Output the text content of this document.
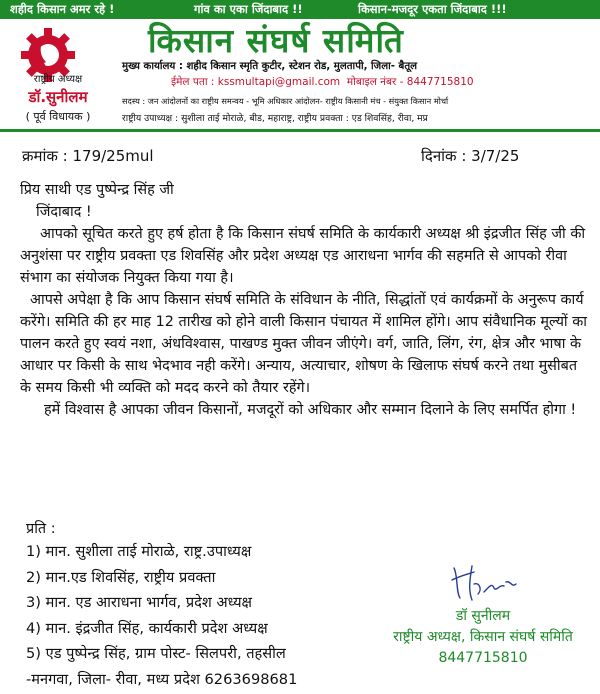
शहीद किसान अमर रहे !	गांव का एका जिंदाबाद !!	किसान-मजदूर एकता जिंदाबाद !!!
राष्ट्रीय अध्यक्ष
डॉ.सुनीलम
( पूर्व विधायक )
किसान संघर्ष समिति
मुख्य कार्यालय : शहीद किसान स्मृति कुटीर, स्टेशन रोड, मुलतापी, जिला- बैतूल
ईमेल पता : kssmultapi@gmail.com मोबाइल नंबर - 8447715810
सदस्य : जन आंदोलनों का राष्ट्रीय समन्वय - भूमि अधिकार आंदोलन- राष्ट्रीय किसानी मंच - संयुक्त किसान मोर्चा
राष्ट्रीय उपाध्यक्ष : सुशीला ताई मोराळे, बीड, महाराष्ट्र, राष्ट्रीय प्रवक्ता : एड शिवसिंह, रीवा, मप्र
क्रमांक : 179/25mul	दिनांक : 3/7/25

प्रिय साथी एड पुष्पेन्द्र सिंह जी

जिंदाबाद !

आपको सूचित करते हुए हर्ष होता है कि किसान संघर्ष समिति के कार्यकारी अध्यक्ष श्री इंद्रजीत सिंह जी की अनुशंसा पर राष्ट्रीय प्रवक्ता एड शिवसिंह और प्रदेश अध्यक्ष एड आराधना भार्गव की सहमति से आपको रीवा संभाग का संयोजक नियुक्त किया गया है।

आपसे अपेक्षा है कि आप किसान संघर्ष समिति के संविधान के नीति, सिद्धांतों एवं कार्यक्रमों के अनुरूप कार्य करेंगे। समिति की हर माह 12 तारीख को होने वाली किसान पंचायत में शामिल होंगे। आप संवैधानिक मूल्यों का पालन करते हुए स्वयं नशा, अंधविश्वास, पाखण्ड मुक्त जीवन जीएंगे। वर्ग, जाति, लिंग, रंग, क्षेत्र और भाषा के आधार पर किसी के साथ भेदभाव नही करेंगे। अन्याय, अत्याचार, शोषण के खिलाफ संघर्ष करने तथा मुसीबत के समय किसी भी व्यक्ति को मदद करने को तैयार रहेंगे।

हमें विश्वास है आपका जीवन किसानों, मजदूरों को अधिकार और सम्मान दिलाने के लिए समर्पित होगा !

प्रति :
1) मान. सुशीला ताई मोराळे, राष्ट्र.उपाध्यक्ष
2) मान.एड शिवसिंह, राष्ट्रीय प्रवक्ता
3) मान. एड आराधना भार्गव, प्रदेश अध्यक्ष
4) मान. इंद्रजीत सिंह, कार्यकारी प्रदेश अध्यक्ष
5) एड पुष्पेन्द्र सिंह, ग्राम पोस्ट- सिलपरी, तहसील
-मनगवा, जिला- रीवा, मध्य प्रदेश 6263698681
डॉ सुनीलम
राष्ट्रीय अध्यक्ष, किसान संघर्ष समिति
8447715810
